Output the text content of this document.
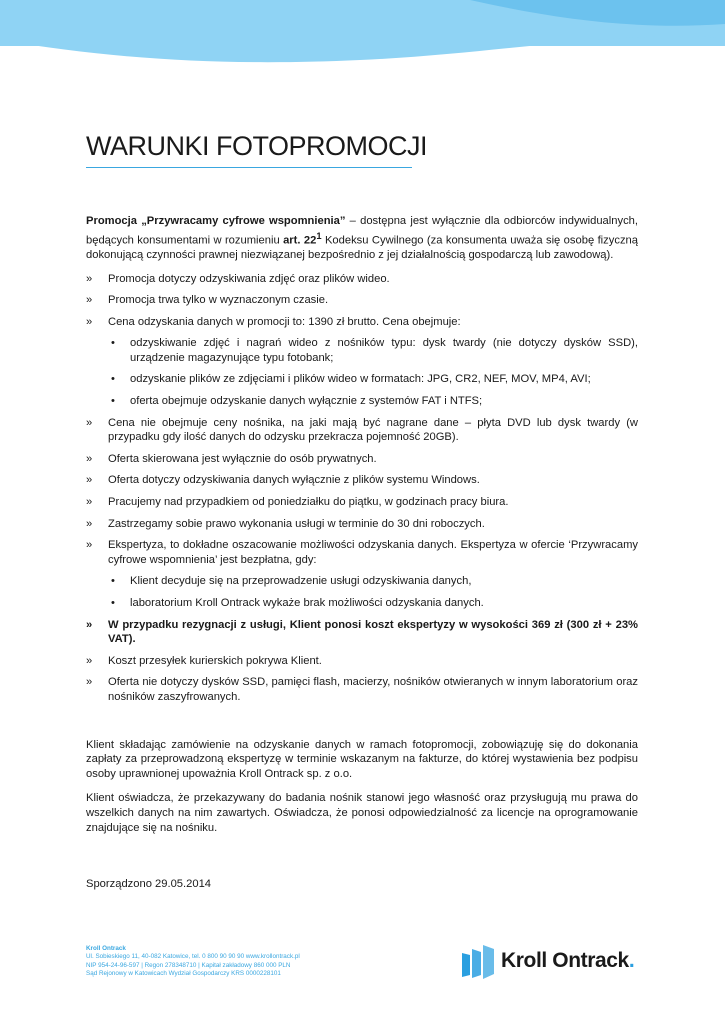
WARUNKI FOTOPROMOCJI

Promocja „Przywracamy cyfrowe wspomnienia” – dostępna jest wyłącznie dla odbiorców indywidualnych, będących konsumentami w rozumieniu art. $22^1$ Kodeksu Cywilnego (za konsumenta uważa się osobę fizyczną dokonującą czynności prawnej niezwiązanej bezpośrednio z jej działalnością gospodarczą lub zawodową).

» Promocja dotyczy odzyskiwania zdjęć oraz plików wideo.
» Promocja trwa tylko w wyznaczonym czasie.
» Cena odzyskania danych w promocji to: 1390 zł brutto. Cena obejmuje:
• odzyskiwanie zdjęć i nagrań wideo z nośników typu: dysk twardy (nie dotyczy dysków SSD), urządzenie magazynujące typu fotobank;
• odzyskanie plików ze zdjęciami i plików wideo w formatach: JPG, CR2, NEF, MOV, MP4, AVI;
• oferta obejmuje odzyskanie danych wyłącznie z systemów FAT i NTFS;
» Cena nie obejmuje ceny nośnika, na jaki mają być nagrane dane – płyta DVD lub dysk twardy (w przypadku gdy ilość danych do odzysku przekracza pojemność 20GB).
» Oferta skierowana jest wyłącznie do osób prywatnych.
» Oferta dotyczy odzyskiwania danych wyłącznie z plików systemu Windows.
» Pracujemy nad przypadkiem od poniedziałku do piątku, w godzinach pracy biura.
» Zastrzegamy sobie prawo wykonania usługi w terminie do 30 dni roboczych.
» Ekspertyza, to dokładne oszacowanie możliwości odzyskania danych. Ekspertyza w ofercie ‘Przywracamy cyfrowe wspomnienia’ jest bezpłatna, gdy:
• Klient decyduje się na przeprowadzenie usługi odzyskiwania danych,
• laboratorium Kroll Ontrack wykaże brak możliwości odzyskania danych.
» W przypadku rezygnacji z usługi, Klient ponosi koszt ekspertyzy w wysokości 369 zł (300 zł + 23% VAT).
» Koszt przesyłek kurierskich pokrywa Klient.
» Oferta nie dotyczy dysków SSD, pamięci flash, macierzy, nośników otwieranych w innym laboratorium oraz nośników zaszyfrowanych.

Klient składając zamówienie na odzyskanie danych w ramach fotopromocji, zobowiązuję się do dokonania zapłaty za przeprowadzoną ekspertyzę w terminie wskazanym na fakturze, do której wystawienia bez podpisu osoby uprawnionej upoważnia Kroll Ontrack sp. z o.o.

Klient oświadcza, że przekazywany do badania nośnik stanowi jego własność oraz przysługują mu prawa do wszelkich danych na nim zawartych. Oświadcza, że ponosi odpowiedzialność za licencje na oprogramowanie znajdujące się na nośniku.

Sporządzono 29.05.2014
Kroll Ontrack
Ul. Sobieskiego 11, 40-082 Katowice, tel. 0 800 90 90 90 www.krollontrack.pl
NIP 954-24-96-597 | Regon 278348710 | Kapitał zakładowy 860 000 PLN
Sąd Rejonowy w Katowicach Wydział Gospodarczy KRS 0000228101
Kroll Ontrack.
